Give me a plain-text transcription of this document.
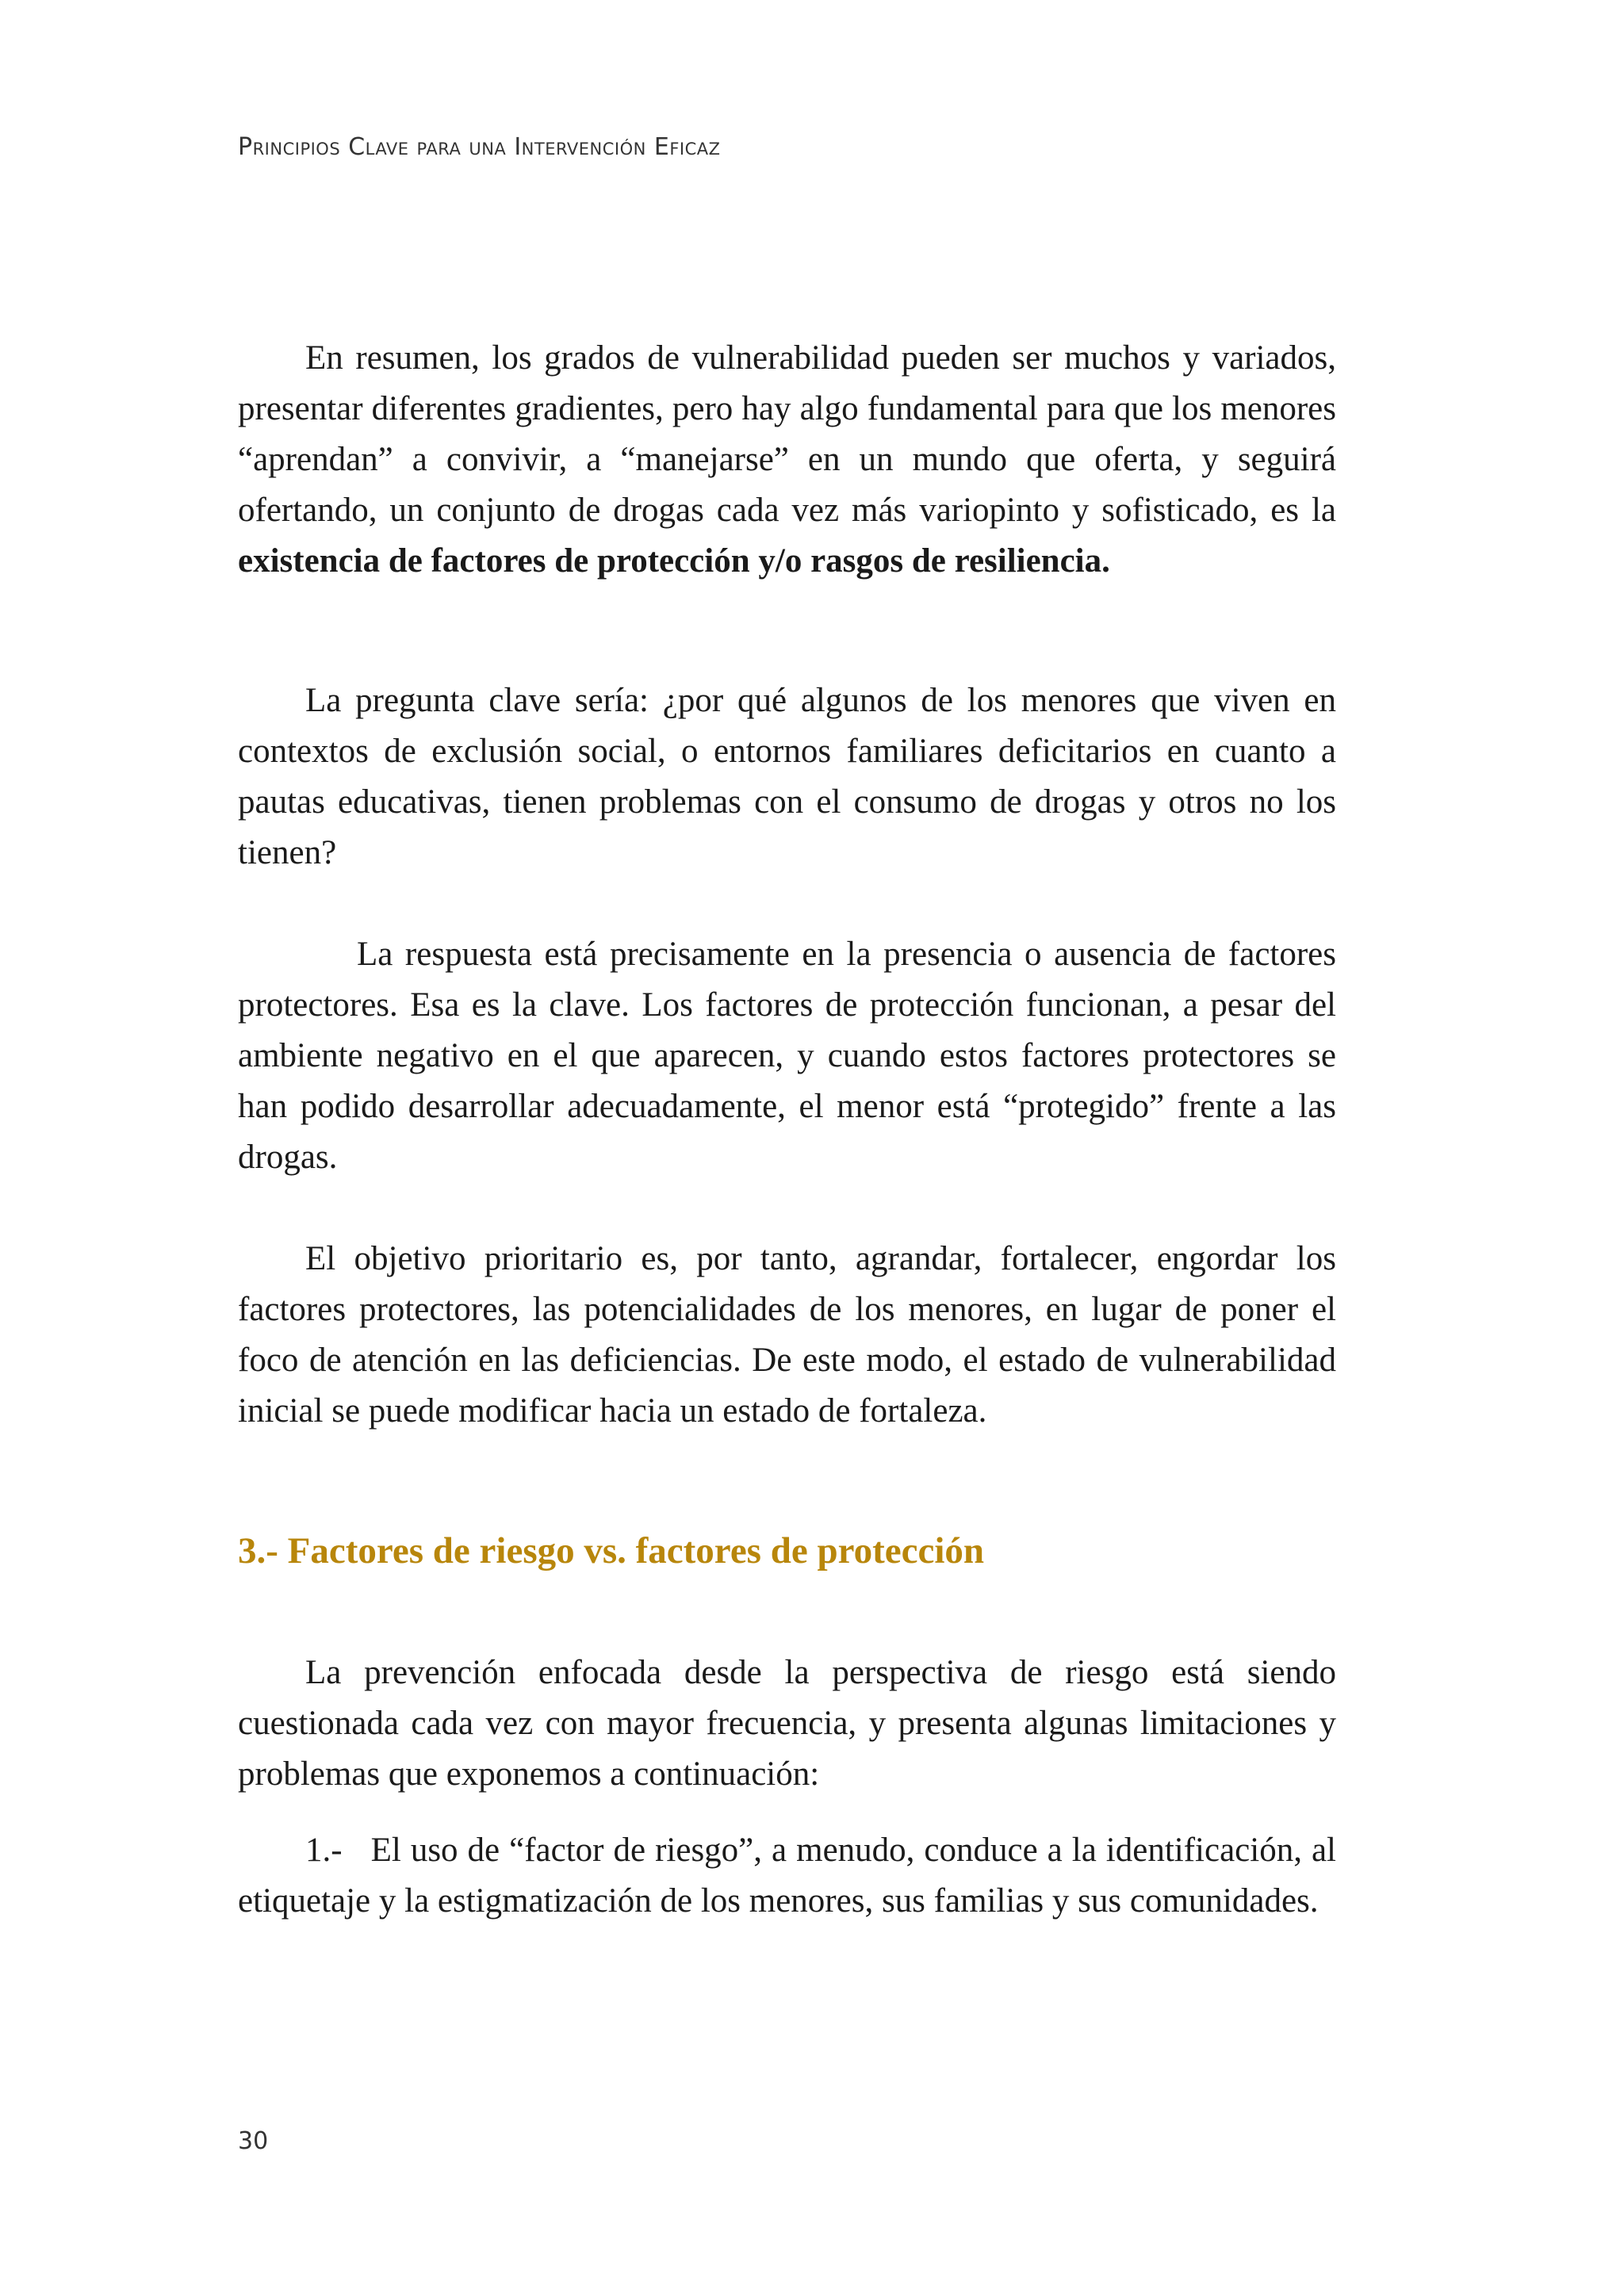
Principios Clave para una Intervención Eficaz

En resumen, los grados de vulnerabilidad pueden ser muchos y variados, presentar diferentes gradientes, pero hay algo fundamental para que los menores “aprendan” a convivir, a “manejarse” en un mundo que oferta, y seguirá ofertando, un conjunto de drogas cada vez más variopinto y sofisticado, es la existencia de factores de protección y/o rasgos de resiliencia.

La pregunta clave sería: ¿por qué algunos de los menores que viven en contextos de exclusión social, o entornos familiares deficitarios en cuanto a pautas educativas, tienen problemas con el consumo de drogas y otros no los tienen?

La respuesta está precisamente en la presencia o ausencia de factores protectores. Esa es la clave. Los factores de protección funcionan, a pesar del ambiente negativo en el que aparecen, y cuando estos factores protectores se han podido desarrollar adecuadamente, el menor está “protegido” frente a las drogas.

El objetivo prioritario es, por tanto, agrandar, fortalecer, engordar los factores protectores, las potencialidades de los menores, en lugar de poner el foco de atención en las deficiencias. De este modo, el estado de vulnerabilidad inicial se puede modificar hacia un estado de fortaleza.

3.- Factores de riesgo vs. factores de protección

La prevención enfocada desde la perspectiva de riesgo está siendo cuestionada cada vez con mayor frecuencia, y presenta algunas limitaciones y problemas que exponemos a continuación:

1.-   El uso de “factor de riesgo”, a menudo, conduce a la identificación, al etiquetaje y la estigmatización de los menores, sus familias y sus comunidades.

30
